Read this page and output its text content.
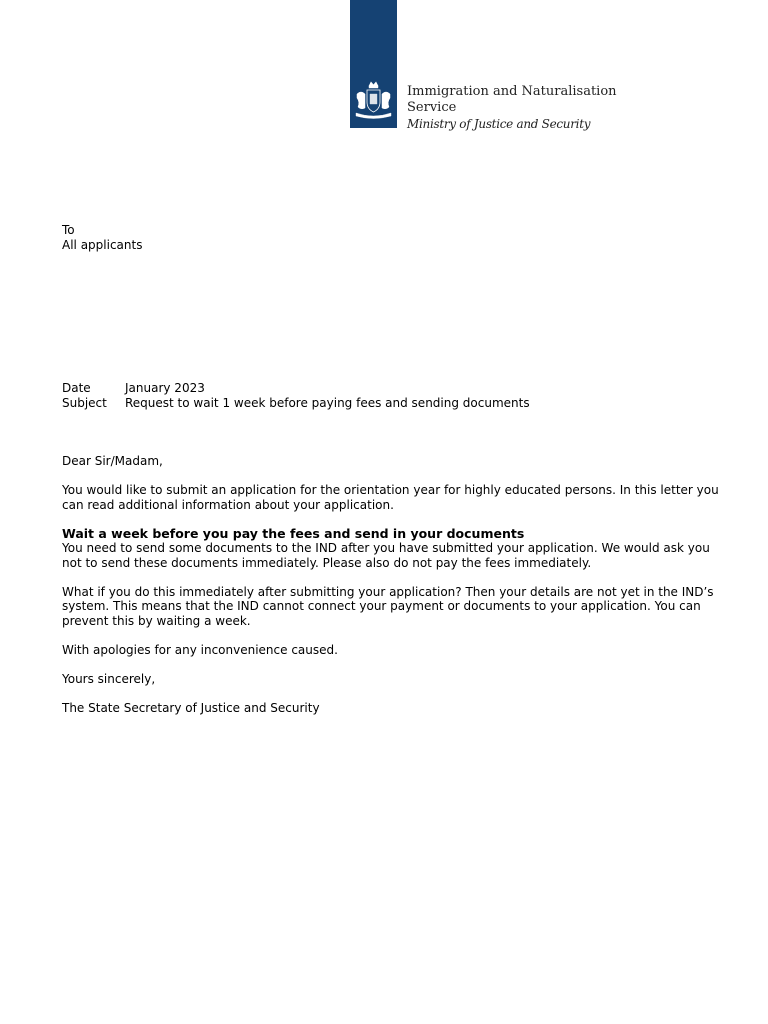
Immigration and Naturalisation
Service
Ministry of Justice and Security
To
All applicants
Date	January 2023
Subject	Request to wait 1 week before paying fees and sending documents

Dear Sir/Madam,

You would like to submit an application for the orientation year for highly educated persons. In this letter you
can read additional information about your application.

Wait a week before you pay the fees and send in your documents
You need to send some documents to the IND after you have submitted your application. We would ask you
not to send these documents immediately. Please also do not pay the fees immediately.

What if you do this immediately after submitting your application? Then your details are not yet in the IND’s
system. This means that the IND cannot connect your payment or documents to your application. You can
prevent this by waiting a week.

With apologies for any inconvenience caused.

Yours sincerely,

The State Secretary of Justice and Security
